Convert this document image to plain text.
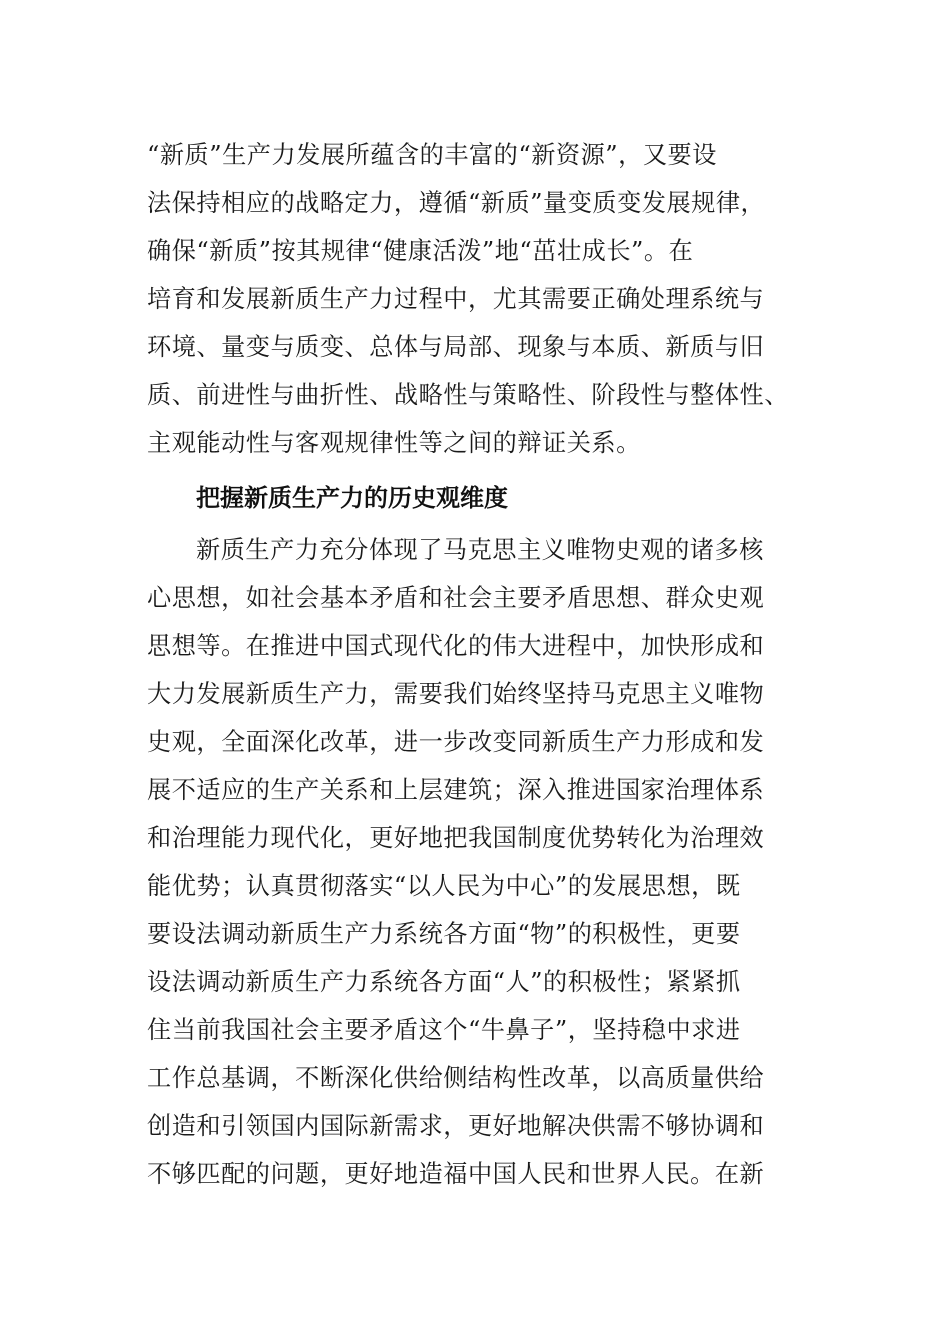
“新质”生产力发展所蕴含的丰富的“新资源”，又要设
法保持相应的战略定力，遵循“新质”量变质变发展规律，
确保“新质”按其规律“健康活泼”地“茁壮成长”。在
培育和发展新质生产力过程中，尤其需要正确处理系统与
环境、量变与质变、总体与局部、现象与本质、新质与旧
质、前进性与曲折性、战略性与策略性、阶段性与整体性、
主观能动性与客观规律性等之间的辩证关系。
把握新质生产力的历史观维度
新质生产力充分体现了马克思主义唯物史观的诸多核
心思想，如社会基本矛盾和社会主要矛盾思想、群众史观
思想等。在推进中国式现代化的伟大进程中，加快形成和
大力发展新质生产力，需要我们始终坚持马克思主义唯物
史观，全面深化改革，进一步改变同新质生产力形成和发
展不适应的生产关系和上层建筑；深入推进国家治理体系
和治理能力现代化，更好地把我国制度优势转化为治理效
能优势；认真贯彻落实“以人民为中心”的发展思想，既
要设法调动新质生产力系统各方面“物”的积极性，更要
设法调动新质生产力系统各方面“人”的积极性；紧紧抓
住当前我国社会主要矛盾这个“牛鼻子”，坚持稳中求进
工作总基调，不断深化供给侧结构性改革，以高质量供给
创造和引领国内国际新需求，更好地解决供需不够协调和
不够匹配的问题，更好地造福中国人民和世界人民。在新
